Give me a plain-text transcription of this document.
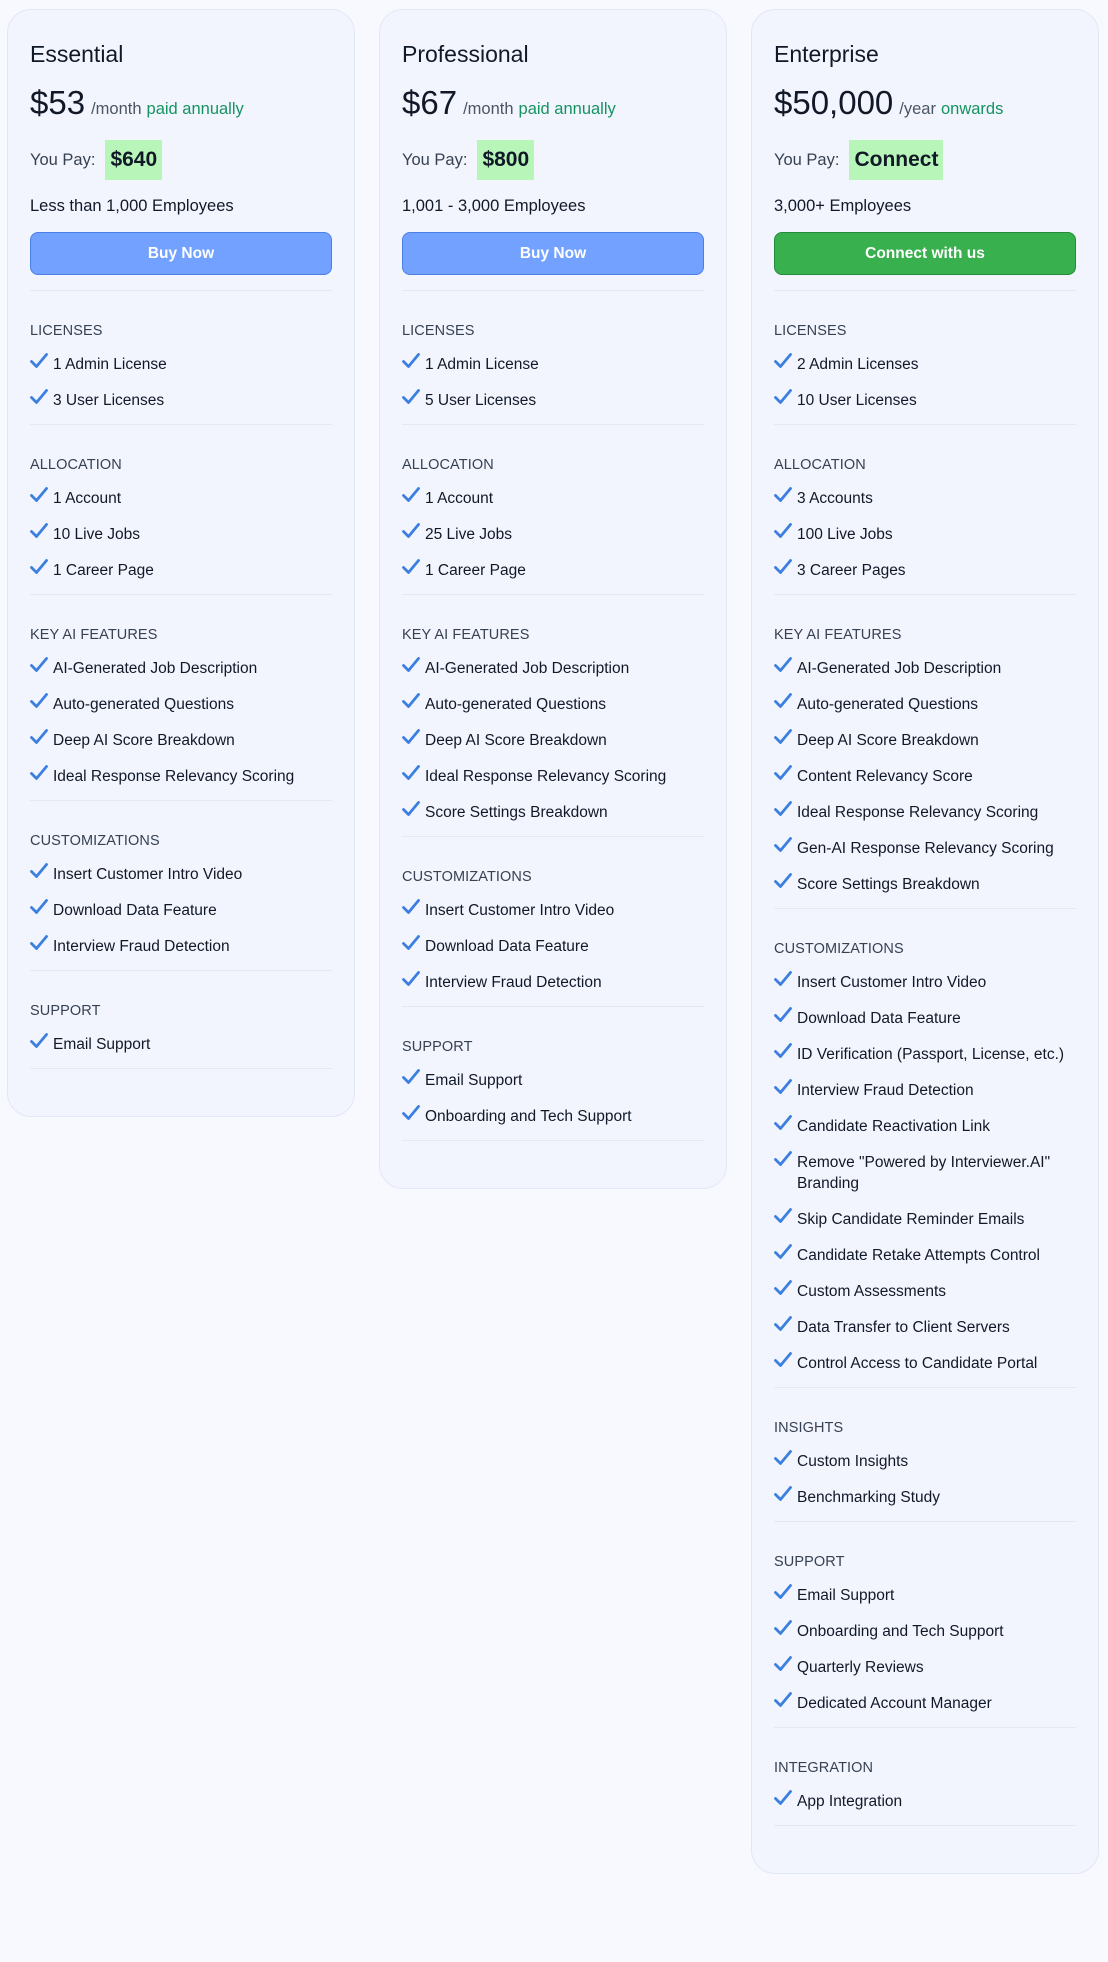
Essential
$53 /month paid annually
You Pay: $640
Less than 1,000 Employees
Buy Now
LICENSES
1 Admin License
3 User Licenses
ALLOCATION
1 Account
10 Live Jobs
1 Career Page
KEY AI FEATURES
AI-Generated Job Description
Auto-generated Questions
Deep AI Score Breakdown
Ideal Response Relevancy Scoring
CUSTOMIZATIONS
Insert Customer Intro Video
Download Data Feature
Interview Fraud Detection
SUPPORT
Email Support
Professional
$67 /month paid annually
You Pay: $800
1,001 - 3,000 Employees
Buy Now
LICENSES
1 Admin License
5 User Licenses
ALLOCATION
1 Account
25 Live Jobs
1 Career Page
KEY AI FEATURES
AI-Generated Job Description
Auto-generated Questions
Deep AI Score Breakdown
Ideal Response Relevancy Scoring
Score Settings Breakdown
CUSTOMIZATIONS
Insert Customer Intro Video
Download Data Feature
Interview Fraud Detection
SUPPORT
Email Support
Onboarding and Tech Support
Enterprise
$50,000 /year onwards
You Pay: Connect
3,000+ Employees
Connect with us
LICENSES
2 Admin Licenses
10 User Licenses
ALLOCATION
3 Accounts
100 Live Jobs
3 Career Pages
KEY AI FEATURES
AI-Generated Job Description
Auto-generated Questions
Deep AI Score Breakdown
Content Relevancy Score
Ideal Response Relevancy Scoring
Gen-AI Response Relevancy Scoring
Score Settings Breakdown
CUSTOMIZATIONS
Insert Customer Intro Video
Download Data Feature
ID Verification (Passport, License, etc.)
Interview Fraud Detection
Candidate Reactivation Link
Remove "Powered by Interviewer.AI" Branding
Skip Candidate Reminder Emails
Candidate Retake Attempts Control
Custom Assessments
Data Transfer to Client Servers
Control Access to Candidate Portal
INSIGHTS
Custom Insights
Benchmarking Study
SUPPORT
Email Support
Onboarding and Tech Support
Quarterly Reviews
Dedicated Account Manager
INTEGRATION
App Integration
